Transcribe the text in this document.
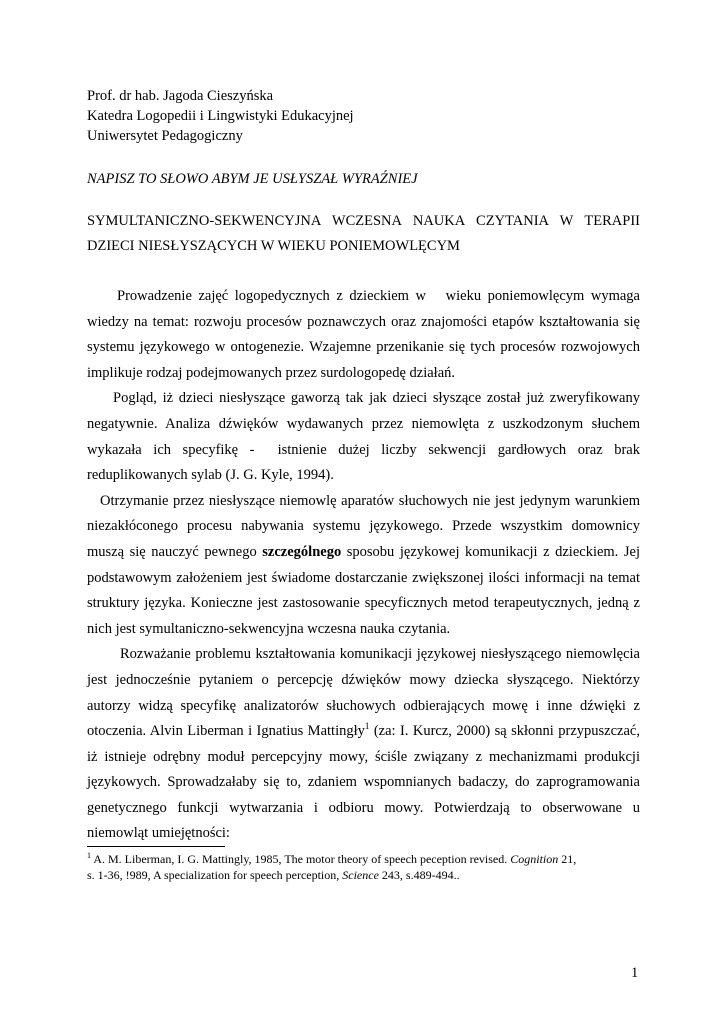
Prof. dr hab. Jagoda Cieszyńska
Katedra Logopedii i Lingwistyki Edukacyjnej
Uniwersytet Pedagogiczny
NAPISZ TO SŁOWO ABYM JE USŁYSZAŁ WYRAŹNIEJ
SYMULTANICZNO-SEKWENCYJNA WCZESNA NAUKA CZYTANIA W TERAPII DZIECI NIESŁYSZĄCYCH W WIEKU PONIEMOWLĘCYM

Prowadzenie zajęć logopedycznych z dzieckiem w   wieku poniemowlęcym wymaga wiedzy na temat: rozwoju procesów poznawczych oraz znajomości etapów kształtowania się systemu językowego w ontogenezie. Wzajemne przenikanie się tych procesów rozwojowych implikuje rodzaj podejmowanych przez surdologopedę działań.

Pogląd, iż dzieci niesłyszące gaworzą tak jak dzieci słyszące został już zweryfikowany negatywnie. Analiza dźwięków wydawanych przez niemowlęta z uszkodzonym słuchem wykazała ich specyfikę -  istnienie dużej liczby sekwencji gardłowych oraz brak reduplikowanych sylab (J. G. Kyle, 1994).

Otrzymanie przez niesłyszące niemowlę aparatów słuchowych nie jest jedynym warunkiem niezakłóconego procesu nabywania systemu językowego. Przede wszystkim domownicy muszą się nauczyć pewnego szczególnego sposobu językowej komunikacji z dzieckiem. Jej podstawowym założeniem jest świadome dostarczanie zwiększonej ilości informacji na temat struktury języka. Konieczne jest zastosowanie specyficznych metod terapeutycznych, jedną z nich jest symultaniczno-sekwencyjna wczesna nauka czytania.

Rozważanie problemu kształtowania komunikacji językowej niesłyszącego niemowlęcia jest jednocześnie pytaniem o percepcję dźwięków mowy dziecka słyszącego. Niektórzy autorzy widzą specyfikę analizatorów słuchowych odbierających mowę i inne dźwięki z otoczenia. Alvin Liberman i Ignatius Mattingły$^1$ (za: I. Kurcz, 2000) są skłonni przypuszczać, iż istnieje odrębny moduł percepcyjny mowy, ściśle związany z mechanizmami produkcji językowych. Sprowadzałaby się to, zdaniem wspomnianych badaczy, do zaprogramowania genetycznego funkcji wytwarzania i odbioru mowy. Potwierdzają to obserwowane u niemowląt umiejętności:

$^1$ A. M. Liberman, I. G. Mattingly, 1985, The motor theory of speech peception revised. Cognition 21,
s. 1-36, !989, A specialization for speech perception, Science 243, s.489-494..
1
